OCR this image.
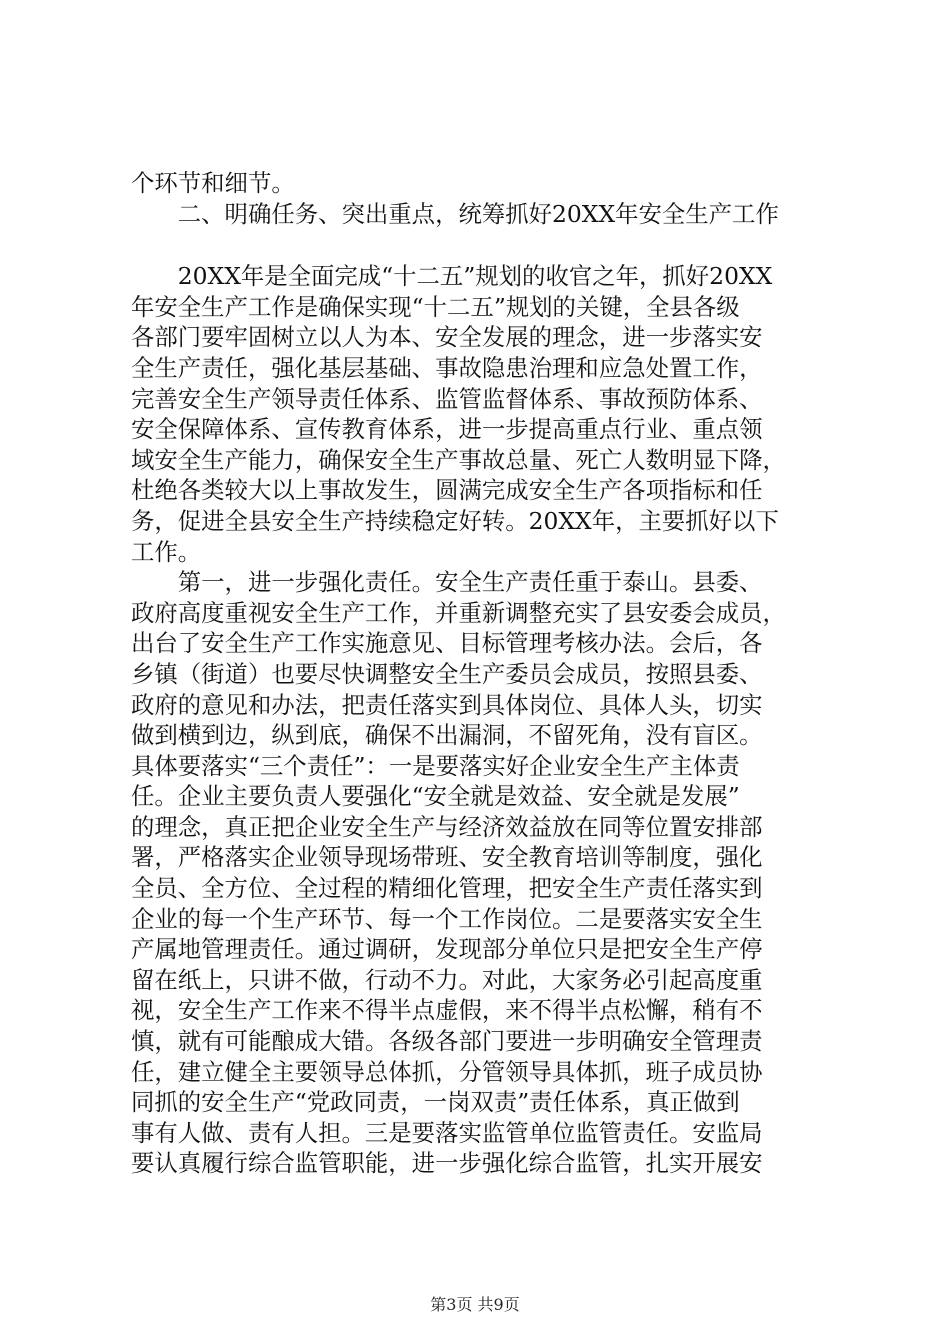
个环节和细节。
　　二、明确任务、突出重点，统筹抓好20XX年安全生产工作
　　20XX年是全面完成“十二五”规划的收官之年，抓好20XX
年安全生产工作是确保实现“十二五”规划的关键，全县各级
各部门要牢固树立以人为本、安全发展的理念，进一步落实安
全生产责任，强化基层基础、事故隐患治理和应急处置工作，
完善安全生产领导责任体系、监管监督体系、事故预防体系、
安全保障体系、宣传教育体系，进一步提高重点行业、重点领
域安全生产能力，确保安全生产事故总量、死亡人数明显下降，
杜绝各类较大以上事故发生，圆满完成安全生产各项指标和任
务，促进全县安全生产持续稳定好转。20XX年，主要抓好以下
工作。
　　第一，进一步强化责任。安全生产责任重于泰山。县委、
政府高度重视安全生产工作，并重新调整充实了县安委会成员，
出台了安全生产工作实施意见、目标管理考核办法。会后，各
乡镇（街道）也要尽快调整安全生产委员会成员，按照县委、
政府的意见和办法，把责任落实到具体岗位、具体人头，切实
做到横到边，纵到底，确保不出漏洞，不留死角，没有盲区。
具体要落实“三个责任”：一是要落实好企业安全生产主体责
任。企业主要负责人要强化“安全就是效益、安全就是发展”
的理念，真正把企业安全生产与经济效益放在同等位置安排部
署，严格落实企业领导现场带班、安全教育培训等制度，强化
全员、全方位、全过程的精细化管理，把安全生产责任落实到
企业的每一个生产环节、每一个工作岗位。二是要落实安全生
产属地管理责任。通过调研，发现部分单位只是把安全生产停
留在纸上，只讲不做，行动不力。对此，大家务必引起高度重
视，安全生产工作来不得半点虚假，来不得半点松懈，稍有不
慎，就有可能酿成大错。各级各部门要进一步明确安全管理责
任，建立健全主要领导总体抓，分管领导具体抓，班子成员协
同抓的安全生产“党政同责，一岗双责”责任体系，真正做到
事有人做、责有人担。三是要落实监管单位监管责任。安监局
要认真履行综合监管职能，进一步强化综合监管，扎实开展安
第3页 共9页
